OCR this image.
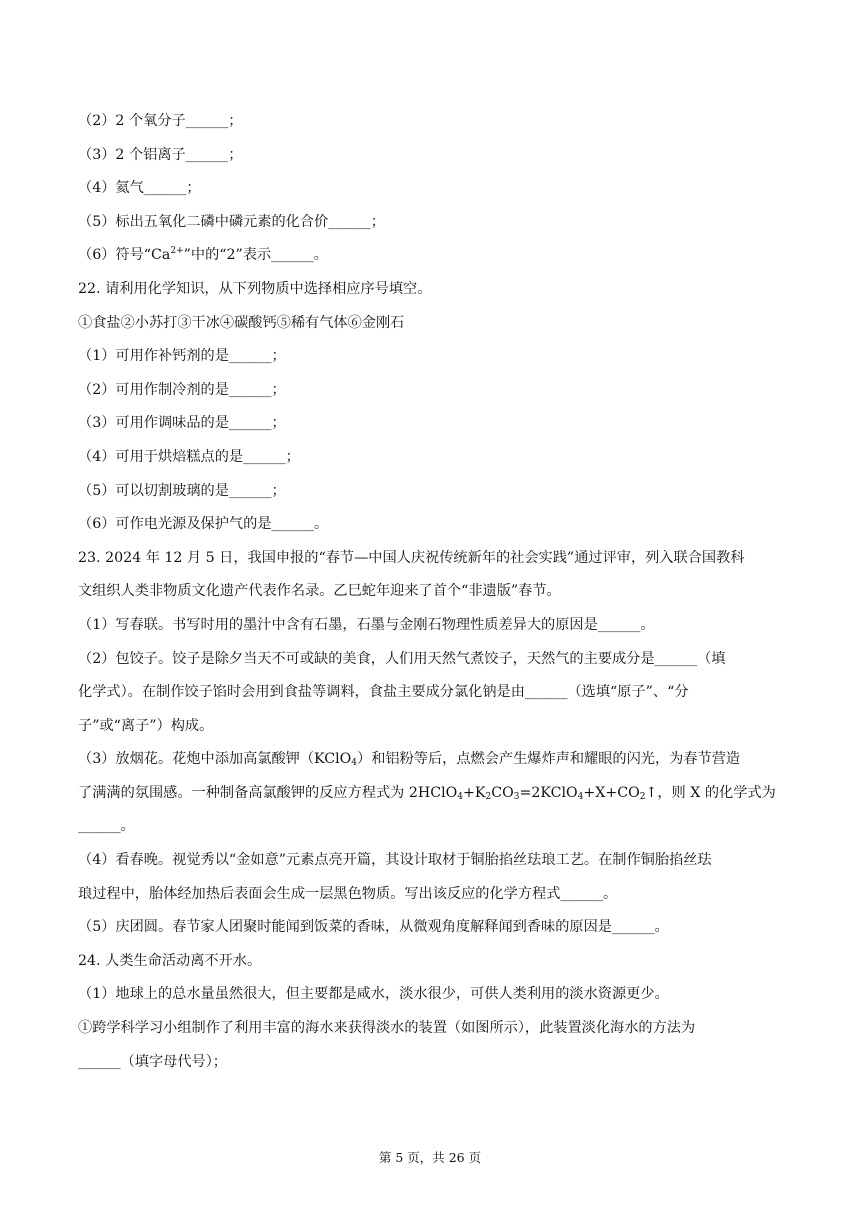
（2）2 个氧分子______；

（3）2 个铝离子______；

（4）氦气______；

（5）标出五氧化二磷中磷元素的化合价______；

（6）符号“$Ca^{2+}$”中的“2”表示______。

22. 请利用化学知识，从下列物质中选择相应序号填空。

①食盐②小苏打③干冰④碳酸钙⑤稀有气体⑥金刚石

（1）可用作补钙剂的是______；

（2）可用作制冷剂的是______；

（3）可用作调味品的是______；

（4）可用于烘焙糕点的是______；

（5）可以切割玻璃的是______；

（6）可作电光源及保护气的是______。

23. 2024 年 12 月 5 日，我国申报的“春节—中国人庆祝传统新年的社会实践”通过评审，列入联合国教科

文组织人类非物质文化遗产代表作名录。乙巳蛇年迎来了首个“非遗版”春节。

（1）写春联。书写时用的墨汁中含有石墨，石墨与金刚石物理性质差异大的原因是______。

（2）包饺子。饺子是除夕当天不可或缺的美食，人们用天然气煮饺子，天然气的主要成分是______（填

化学式）。在制作饺子馅时会用到食盐等调料，食盐主要成分氯化钠是由______（选填“原子”、“分

子”或“离子”）构成。

（3）放烟花。花炮中添加高氯酸钾（KClO$_4$）和铝粉等后，点燃会产生爆炸声和耀眼的闪光，为春节营造

了满满的氛围感。一种制备高氯酸钾的反应方程式为 $2HClO_4+K_2CO_3=2KClO_4+X+CO_2↑$，则 X 的化学式为

______。

（4）看春晚。视觉秀以“金如意”元素点亮开篇，其设计取材于铜胎掐丝珐琅工艺。在制作铜胎掐丝珐

琅过程中，胎体经加热后表面会生成一层黑色物质。写出该反应的化学方程式______。

（5）庆团圆。春节家人团聚时能闻到饭菜的香味，从微观角度解释闻到香味的原因是______。

24. 人类生命活动离不开水。

（1）地球上的总水量虽然很大，但主要都是咸水，淡水很少，可供人类利用的淡水资源更少。

①跨学科学习小组制作了利用丰富的海水来获得淡水的装置（如图所示），此装置淡化海水的方法为

______（填字母代号）；

第 5 页，共 26 页
